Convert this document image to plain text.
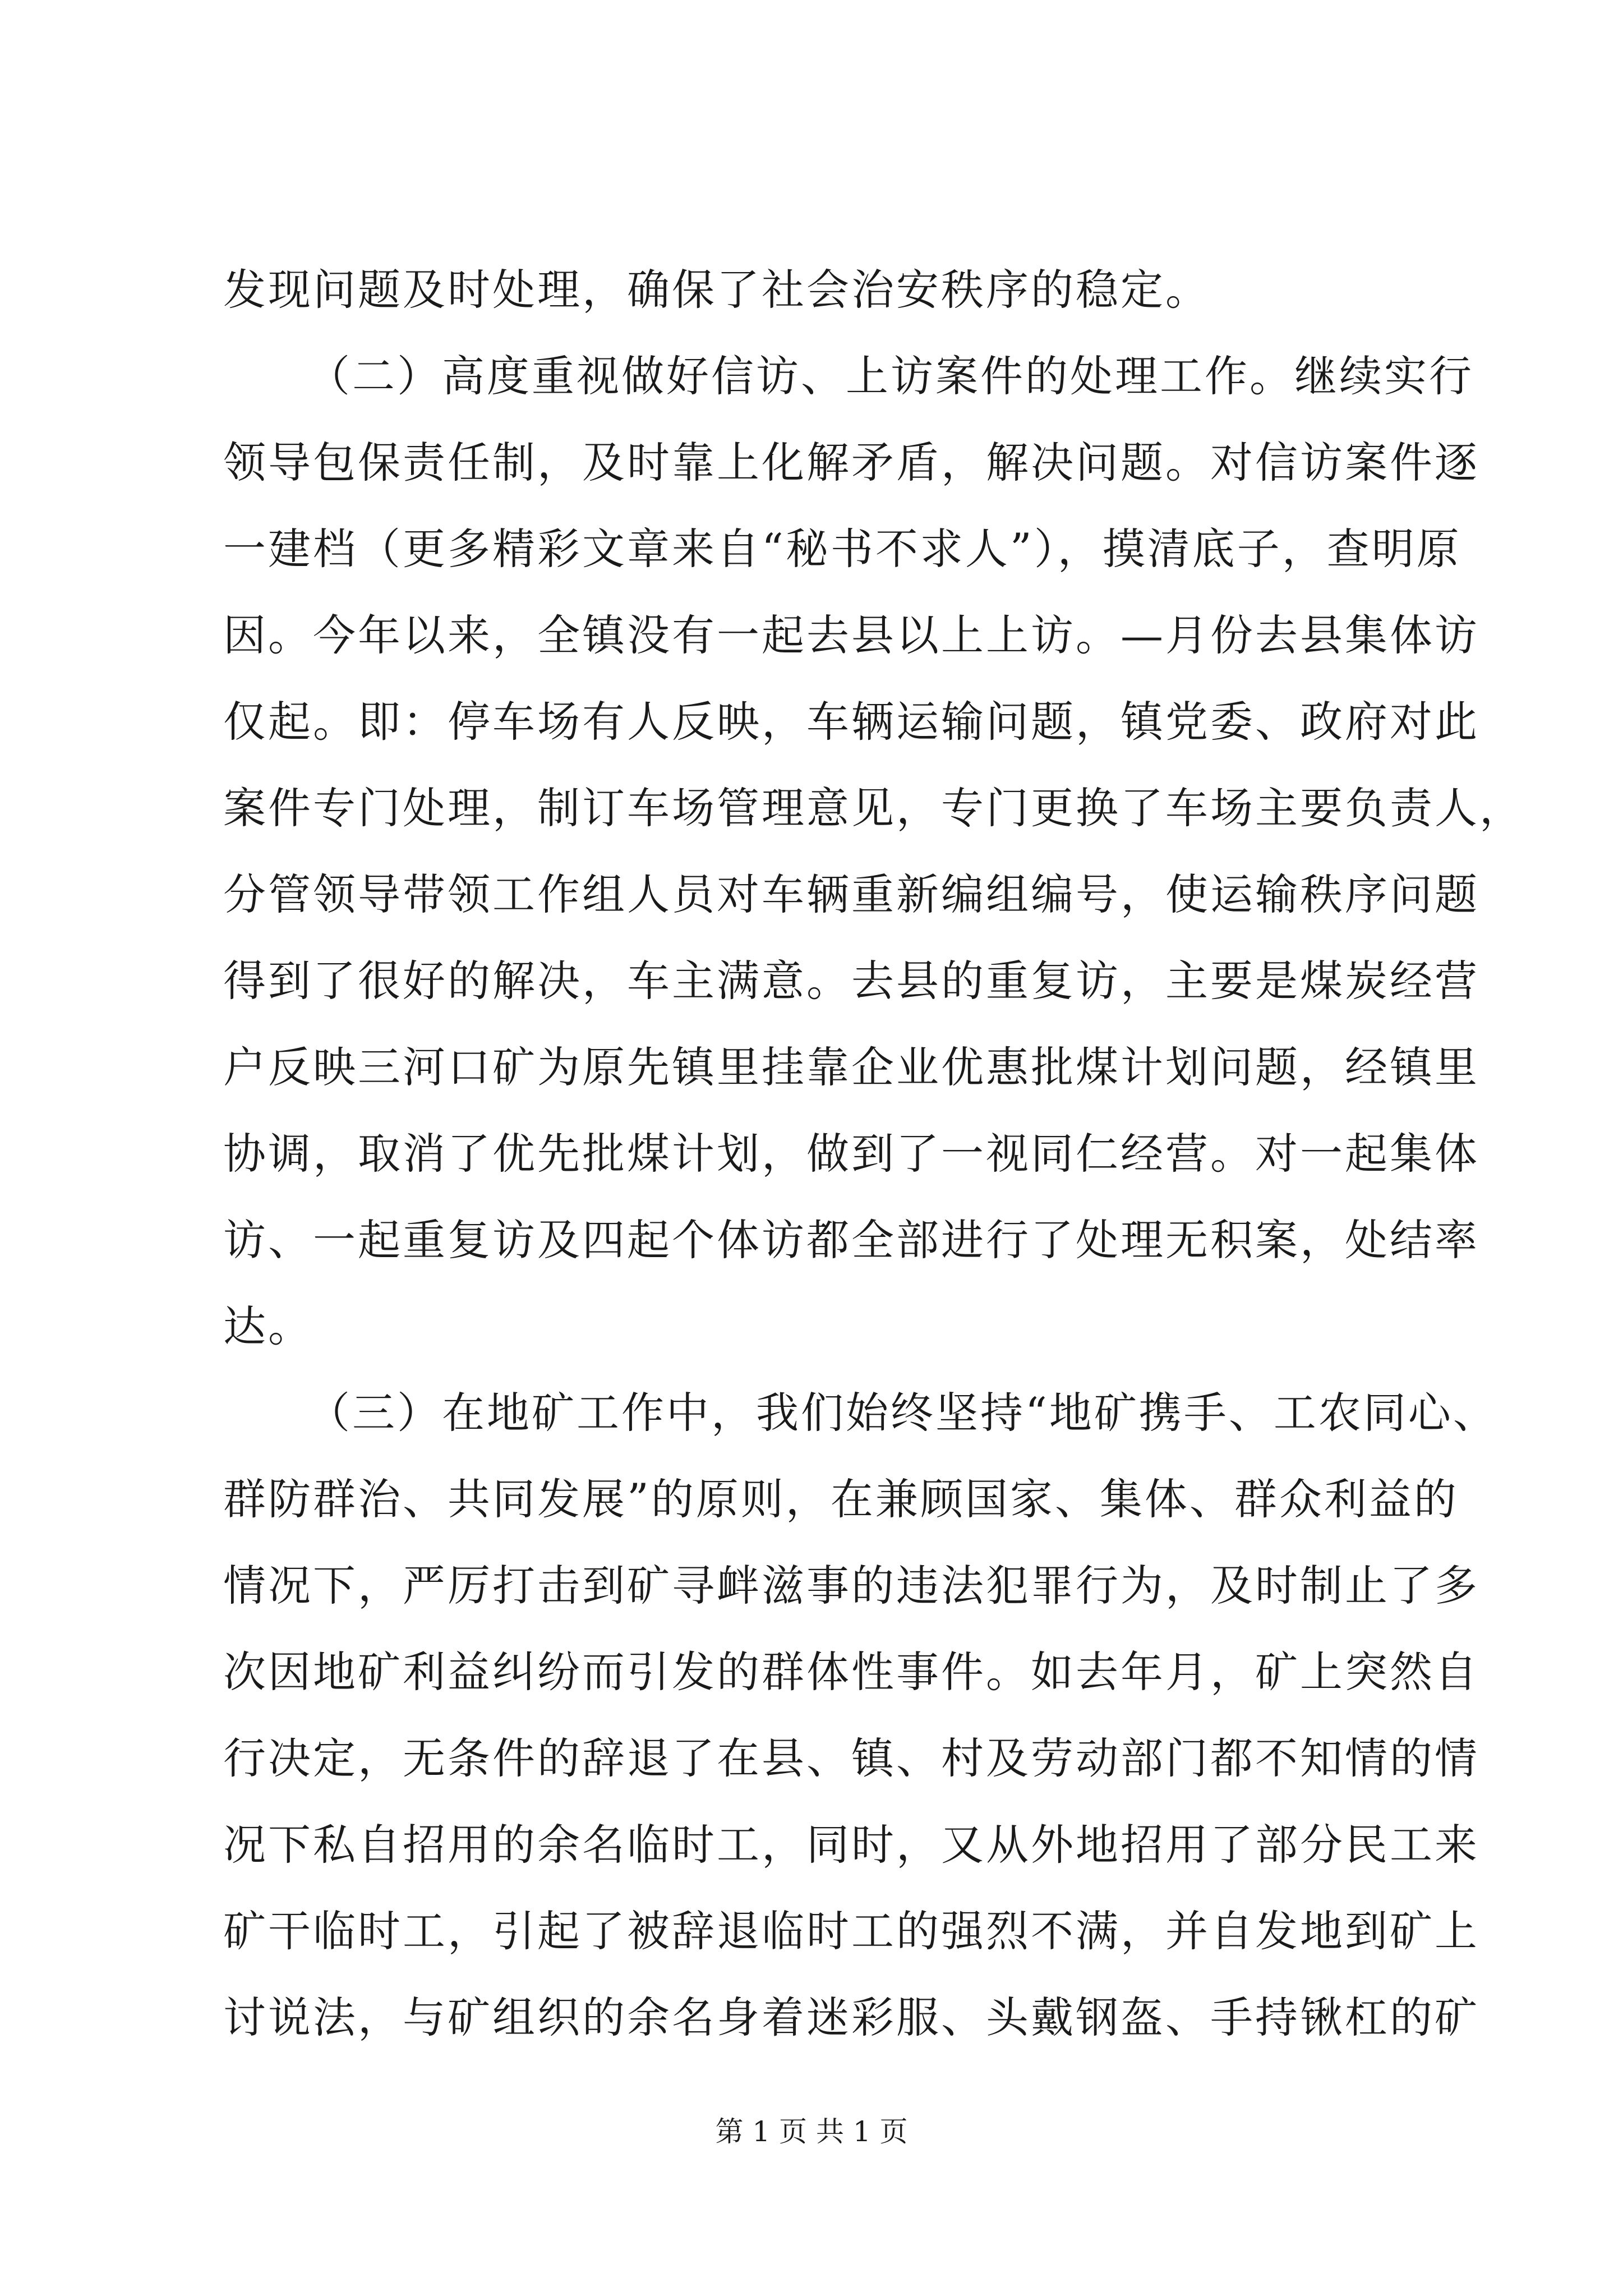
发现问题及时处理，确保了社会治安秩序的稳定。
（二）高度重视做好信访、上访案件的处理工作。继续实行
领导包保责任制，及时靠上化解矛盾，解决问题。对信访案件逐
一建档（更多精彩文章来自“秘书不求人”），摸清底子，查明原
因。今年以来，全镇没有一起去县以上上访。—月份去县集体访
仅起。即：停车场有人反映，车辆运输问题，镇党委、政府对此
案件专门处理，制订车场管理意见，专门更换了车场主要负责人，
分管领导带领工作组人员对车辆重新编组编号，使运输秩序问题
得到了很好的解决，车主满意。去县的重复访，主要是煤炭经营
户反映三河口矿为原先镇里挂靠企业优惠批煤计划问题，经镇里
协调，取消了优先批煤计划，做到了一视同仁经营。对一起集体
访、一起重复访及四起个体访都全部进行了处理无积案，处结率
达。
（三）在地矿工作中，我们始终坚持“地矿携手、工农同心、
群防群治、共同发展”的原则，在兼顾国家、集体、群众利益的
情况下，严厉打击到矿寻衅滋事的违法犯罪行为，及时制止了多
次因地矿利益纠纷而引发的群体性事件。如去年月，矿上突然自
行决定，无条件的辞退了在县、镇、村及劳动部门都不知情的情
况下私自招用的余名临时工，同时，又从外地招用了部分民工来
矿干临时工，引起了被辞退临时工的强烈不满，并自发地到矿上
讨说法，与矿组织的余名身着迷彩服、头戴钢盔、手持锹杠的矿
第 1 页 共 1 页
